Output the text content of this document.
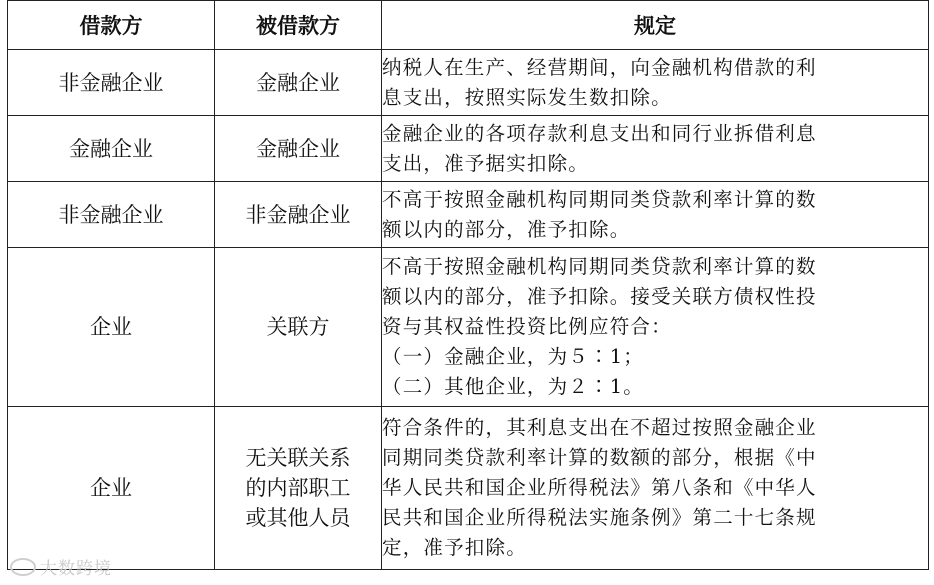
借款方	被借款方	规定
非金融企业	金融企业	纳税人在生产、经营期间，向金融机构借款的利
息支出，按照实际发生数扣除。

金融企业	金融企业	金融企业的各项存款利息支出和同行业拆借利息
支出，准予据实扣除。

非金融企业	非金融企业	不高于按照金融机构同期同类贷款利率计算的数
额以内的部分，准予扣除。

企业	关联方	不高于按照金融机构同期同类贷款利率计算的数
额以内的部分，准予扣除。接受关联方债权性投
资与其权益性投资比例应符合：
（一）金融企业，为５∶1；
（二）其他企业，为２∶1。

企业	无关联关系
的内部职工
或其他人员	符合条件的，其利息支出在不超过按照金融企业
同期同类贷款利率计算的数额的部分，根据《中
华人民共和国企业所得税法》第八条和《中华人
民共和国企业所得税法实施条例》第二十七条规
定，准予扣除。
大数跨境
